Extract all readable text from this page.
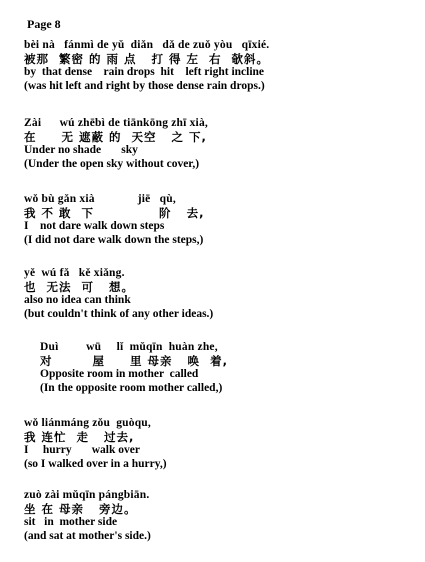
Page 8
bèi nà   fánmì de yǔ  diǎn   dǎ de zuǒ yòu   qīxié.
被那  繁密 的 雨 点   打 得 左  右  欹斜。
by  that dense    rain drops  hit    left right incline
(was hit left and right by those dense rain drops.)
Zài      wú zhēbì de tiānkōng zhī xià,
在     无 遮蔽 的  天空   之 下,
Under no shade       sky
(Under the open sky without cover,)
wǒ bù gǎn xià              jiē   qù,
我 不 敢  下             阶   去,
I    not dare walk down steps
(I did not dare walk down the steps,)
yě  wú fǎ   kě xiǎng.
也  无法  可   想。
also no idea can think
(but couldn't think of any other ideas.)
Duì         wū     lǐ  mǔqīn  huàn zhe,
对        屋     里 母亲   唤  着,
Opposite room in mother  called
(In the opposite room mother called,)
wǒ liánmáng zǒu  guòqu,
我 连忙  走   过去,
I     hurry       walk over
(so I walked over in a hurry,)
zuò zài mǔqīn pángbiān.
坐 在 母亲   旁边。
sit   in  mother side
(and sat at mother's side.)
